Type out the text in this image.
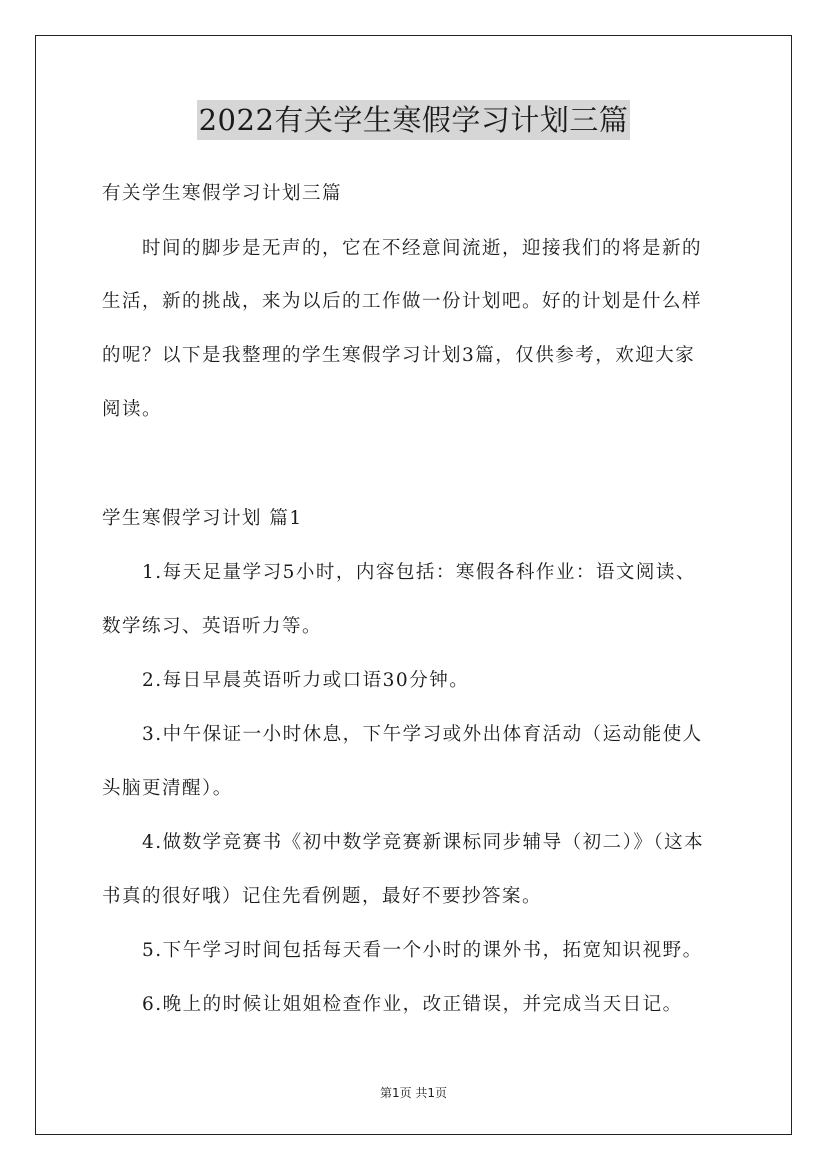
2022有关学生寒假学习计划三篇
有关学生寒假学习计划三篇
时间的脚步是无声的，它在不经意间流逝，迎接我们的将是新的
生活，新的挑战，来为以后的工作做一份计划吧。好的计划是什么样
的呢？以下是我整理的学生寒假学习计划3篇，仅供参考，欢迎大家
阅读。
学生寒假学习计划 篇1
1.每天足量学习5小时，内容包括：寒假各科作业：语文阅读、
数学练习、英语听力等。
2.每日早晨英语听力或口语30分钟。
3.中午保证一小时休息，下午学习或外出体育活动（运动能使人
头脑更清醒）。
4.做数学竞赛书《初中数学竞赛新课标同步辅导（初二）》（这本
书真的很好哦）记住先看例题，最好不要抄答案。
5.下午学习时间包括每天看一个小时的课外书，拓宽知识视野。
6.晚上的时候让姐姐检查作业，改正错误，并完成当天日记。
第1页 共1页
